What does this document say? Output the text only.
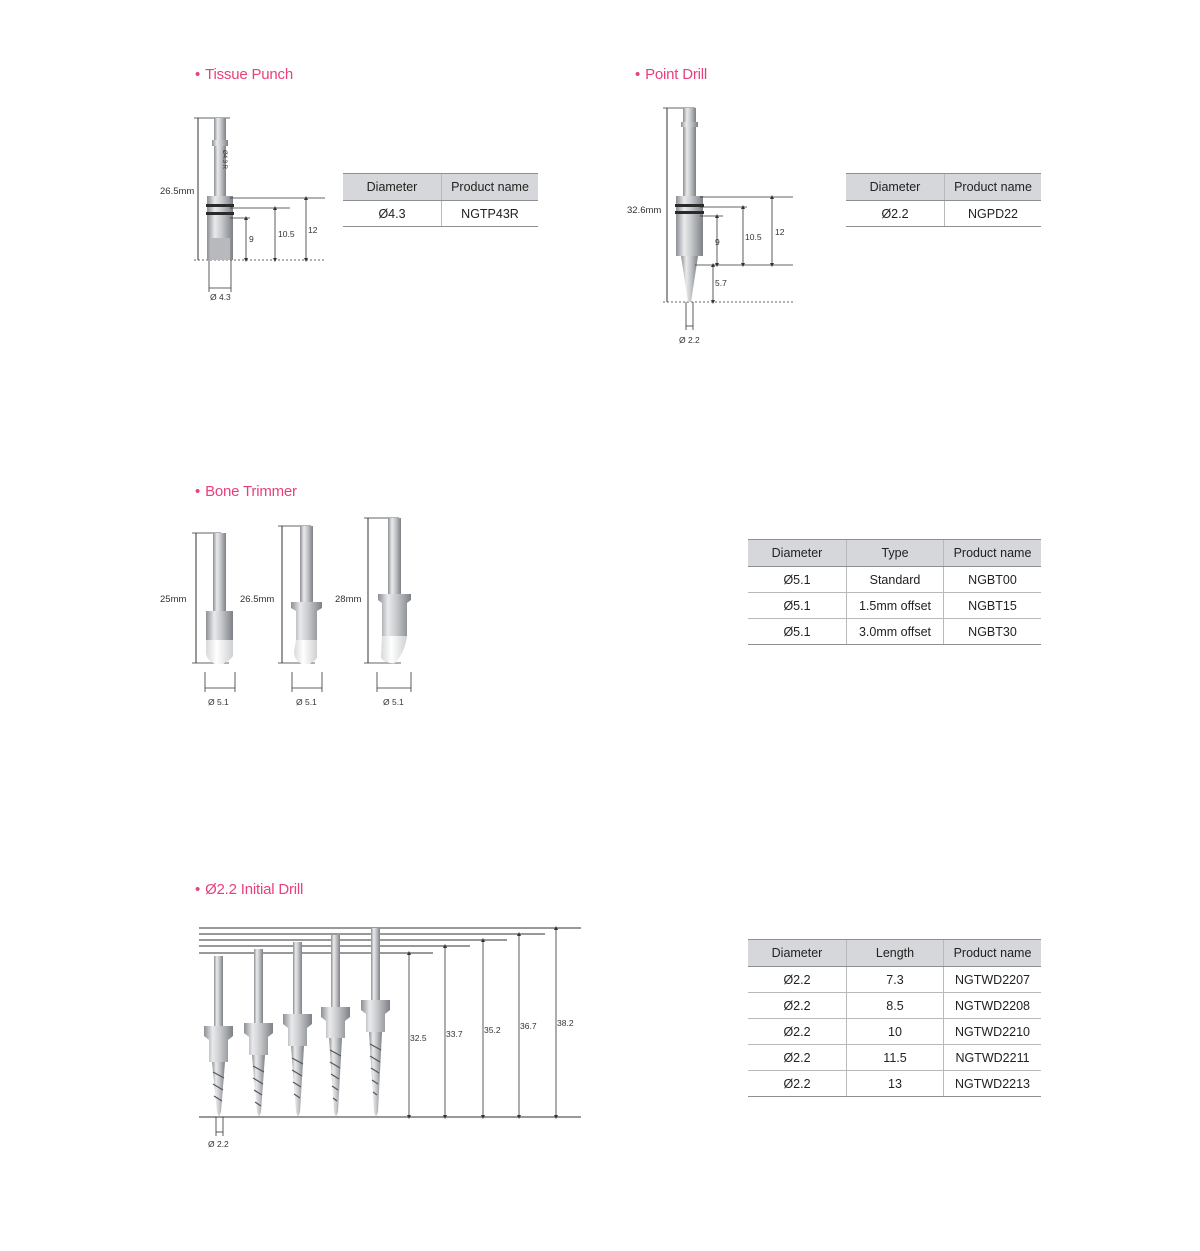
• Tissue Punch
26.5mm
Ø4.3 R
9	10.5 12
Ø 4.3
Diameter	Product name
Ø4.3	NGTP43R
• Point Drill
32.6mm
9	10.5 12
5.7
Ø 2.2
Diameter	Product name
Ø2.2	NGPD22
• Bone Trimmer
25mm
Ø 5.1
26.5mm
Ø 5.1
28mm
Ø 5.1
Diameter	Type	Product name
Ø5.1	Standard	NGBT00
Ø5.1	1.5mm offset	NGBT15
Ø5.1	3.0mm offset	NGBT30
• Ø2.2 Initial Drill
32.5 33.7	35.2 36.7 38.2
Ø 2.2
Diameter	Length	Product name
Ø2.2	7.3	NGTWD2207
Ø2.2	8.5	NGTWD2208
Ø2.2	10	NGTWD2210
Ø2.2	11.5	NGTWD2211
Ø2.2	13	NGTWD2213
